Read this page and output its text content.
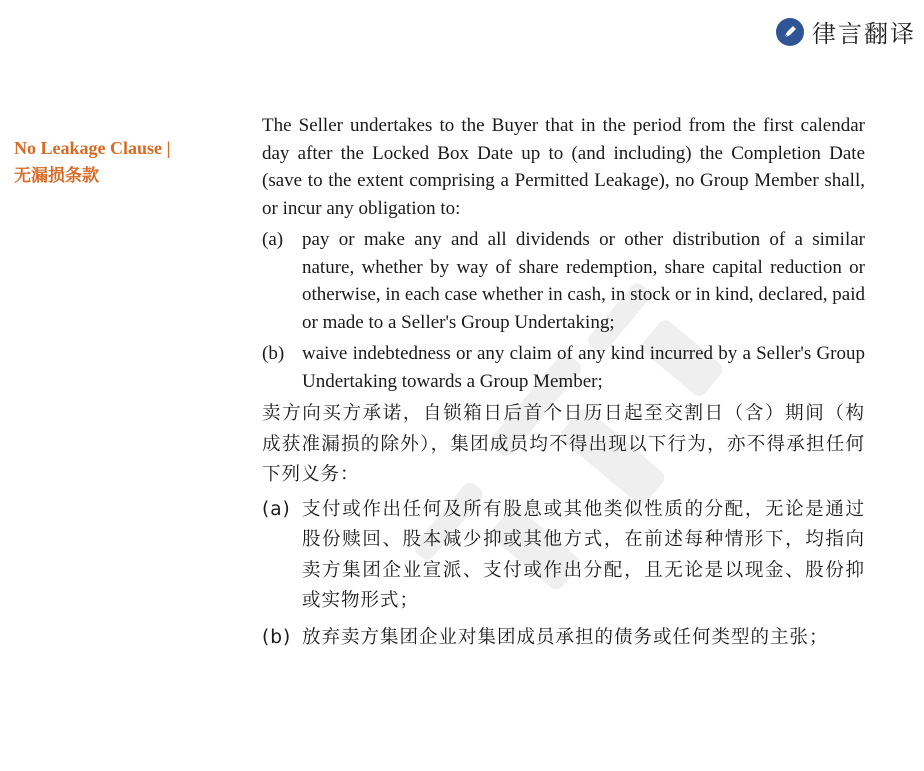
律言翻译
No Leakage Clause |
无漏损条款

The Seller undertakes to the Buyer that in the period from the first calendar day after the Locked Box Date up to (and including) the Completion Date (save to the extent comprising a Permitted Leakage), no Group Member shall, or incur any obligation to:

(a) pay or make any and all dividends or other distribution of a similar nature, whether by way of share redemption, share capital reduction or otherwise, in each case whether in cash, in stock or in kind, declared, paid or made to a Seller's Group Undertaking;
(b) waive indebtedness or any claim of any kind incurred by a Seller's Group Undertaking towards a Group Member;

卖方向买方承诺，自锁箱日后首个日历日起至交割日（含）期间（构成获准漏损的除外），集团成员均不得出现以下行为，亦不得承担任何下列义务：

(a) 支付或作出任何及所有股息或其他类似性质的分配，无论是通过股份赎回、股本减少抑或其他方式，在前述每种情形下，均指向卖方集团企业宣派、支付或作出分配，且无论是以现金、股份抑或实物形式；
(b) 放弃卖方集团企业对集团成员承担的债务或任何类型的主张；
